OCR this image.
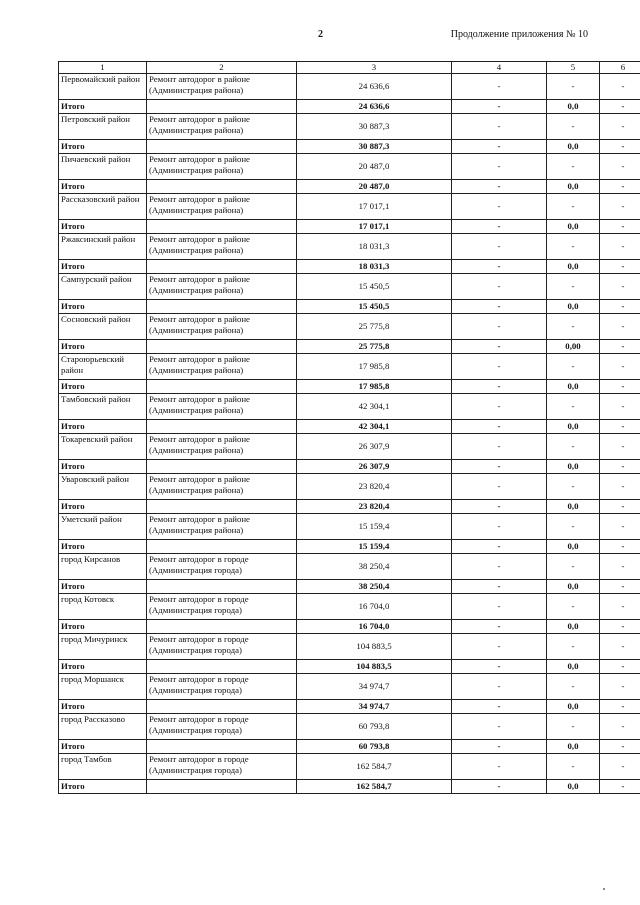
2	Продолжение приложения № 10
1	2	3	4	5	6
Первомайский район	Ремонт автодорог в районе (Администрация района)	24 636,6	-	-	-
Итого		24 636,6	-	0,0	-
Петровский район	Ремонт автодорог в районе (Администрация района)	30 887,3	-	-	-
Итого		30 887,3	-	0,0	-
Пичаевский район	Ремонт автодорог в районе (Администрация района)	20 487,0	-	-	-
Итого		20 487,0	-	0,0	-
Рассказовский район	Ремонт автодорог в районе (Администрация района)	17 017,1	-	-	-
Итого		17 017,1	-	0,0	-
Ржаксинский район	Ремонт автодорог в районе (Администрация района)	18 031,3	-	-	-
Итого		18 031,3	-	0,0	-
Сампурский район	Ремонт автодорог в районе (Администрация района)	15 450,5	-	-	-
Итого		15 450,5	-	0,0	-
Сосновский район	Ремонт автодорог в районе (Администрация района)	25 775,8	-	-	-
Итого		25 775,8	-	0,00	-
Староюрьевский район	Ремонт автодорог в районе (Администрация района)	17 985,8	-	-	-
Итого		17 985,8	-	0,0	-
Тамбовский район	Ремонт автодорог в районе (Администрация района)	42 304,1	-	-	-
Итого		42 304,1	-	0,0	-
Токаревский район	Ремонт автодорог в районе (Администрация района)	26 307,9	-	-	-
Итого		26 307,9	-	0,0	-
Уваровский район	Ремонт автодорог в районе (Администрация района)	23 820,4	-	-	-
Итого		23 820,4	-	0,0	-
Уметский район	Ремонт автодорог в районе (Администрация района)	15 159,4	-	-	-
Итого		15 159,4	-	0,0	-
город Кирсанов	Ремонт автодорог в городе (Администрация города)	38 250,4	-	-	-
Итого		38 250,4	-	0,0	-
город Котовск	Ремонт автодорог в городе (Администрация города)	16 704,0	-	-	-
Итого		16 704,0	-	0,0	-
город Мичуринск	Ремонт автодорог в городе (Администрация города)	104 883,5	-	-	-
Итого		104 883,5	-	0,0	-
город Моршанск	Ремонт автодорог в городе (Администрация города)	34 974,7	-	-	-
Итого		34 974,7	-	0,0	-
город Рассказово	Ремонт автодорог в городе (Администрация города)	60 793,8	-	-	-
Итого		60 793,8	-	0,0	-
город Тамбов	Ремонт автодорог в городе (Администрация города)	162 584,7	-	-	-
Итого		162 584,7	-	0,0	-
